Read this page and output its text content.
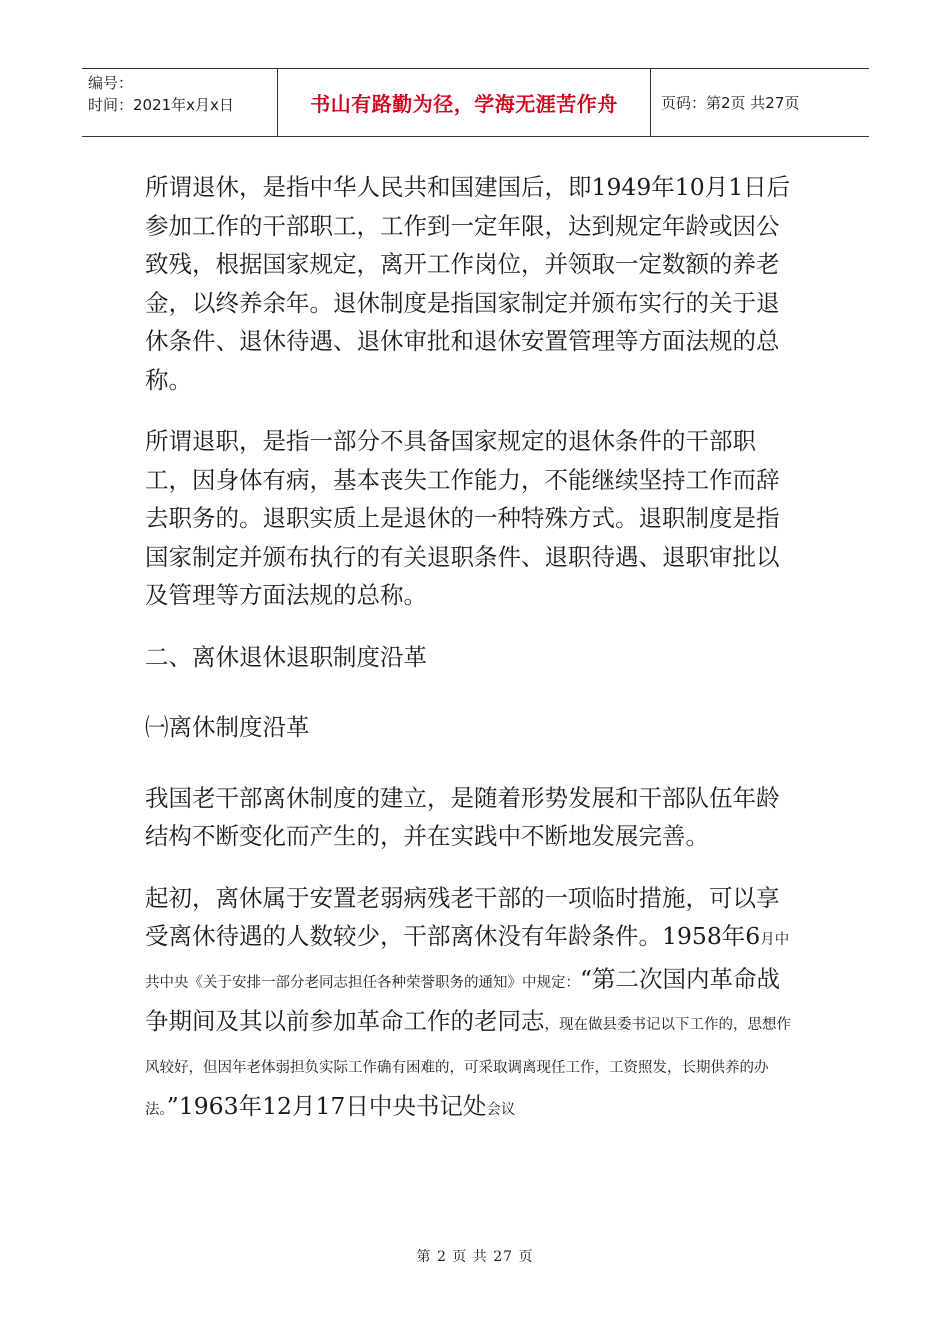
编号：
时间：2021年x月x日	书山有路勤为径，学海无涯苦作舟	页码：第2页 共27页

所谓退休，是指中华人民共和国建国后，即1949年10月1日后参加工作的干部职工，工作到一定年限，达到规定年龄或因公致残，根据国家规定，离开工作岗位，并领取一定数额的养老金，以终养余年。退休制度是指国家制定并颁布实行的关于退休条件、退休待遇、退休审批和退休安置管理等方面法规的总称。

所谓退职，是指一部分不具备国家规定的退休条件的干部职工，因身体有病，基本丧失工作能力，不能继续坚持工作而辞去职务的。退职实质上是退休的一种特殊方式。退职制度是指国家制定并颁布执行的有关退职条件、退职待遇、退职审批以及管理等方面法规的总称。

二、离休退休退职制度沿革

㈠离休制度沿革

我国老干部离休制度的建立，是随着形势发展和干部队伍年龄结构不断变化而产生的，并在实践中不断地发展完善。

起初，离休属于安置老弱病残老干部的一项临时措施，可以享受离休待遇的人数较少，干部离休没有年龄条件。1958年6月中共中央《关于安排一部分老同志担任各种荣誉职务的通知》中规定：“第二次国内革命战争期间及其以前参加革命工作的老同志，现在做县委书记以下工作的，思想作风较好，但因年老体弱担负实际工作确有困难的，可采取调离现任工作，工资照发，长期供养的办法。”1963年12月17日中央书记处会议

第 2 页 共 27 页
